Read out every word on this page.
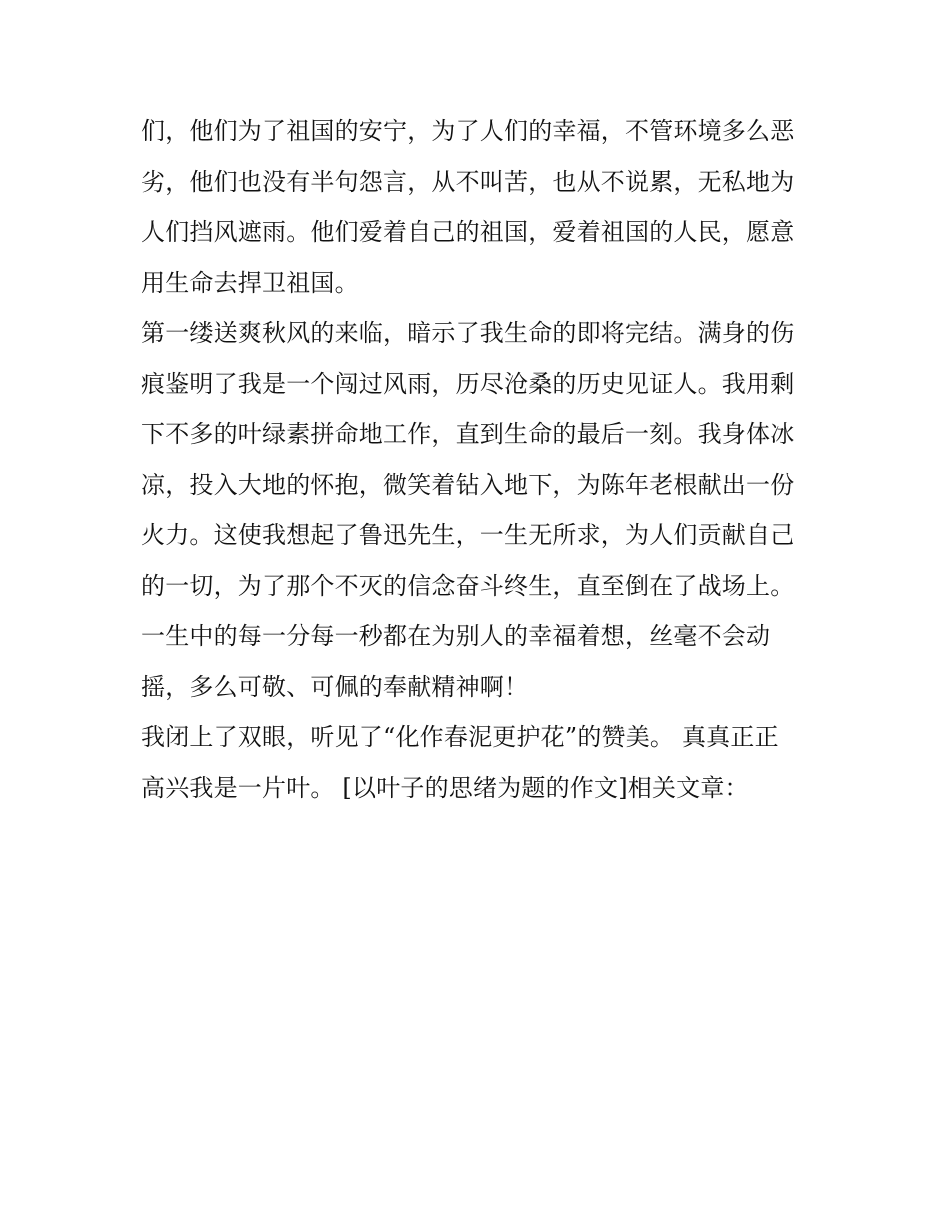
们，他们为了祖国的安宁，为了人们的幸福，不管环境多么恶
劣，他们也没有半句怨言，从不叫苦，也从不说累，无私地为
人们挡风遮雨。他们爱着自己的祖国，爱着祖国的人民，愿意
用生命去捍卫祖国。
第一缕送爽秋风的来临，暗示了我生命的即将完结。满身的伤
痕鉴明了我是一个闯过风雨，历尽沧桑的历史见证人。我用剩
下不多的叶绿素拼命地工作，直到生命的最后一刻。我身体冰
凉，投入大地的怀抱，微笑着钻入地下，为陈年老根献出一份
火力。这使我想起了鲁迅先生，一生无所求，为人们贡献自己
的一切，为了那个不灭的信念奋斗终生，直至倒在了战场上。
一生中的每一分每一秒都在为别人的幸福着想，丝毫不会动
摇，多么可敬、可佩的奉献精神啊！
我闭上了双眼，听见了“化作春泥更护花”的赞美。 真真正正
高兴我是一片叶。 [以叶子的思绪为题的作文]相关文章：
